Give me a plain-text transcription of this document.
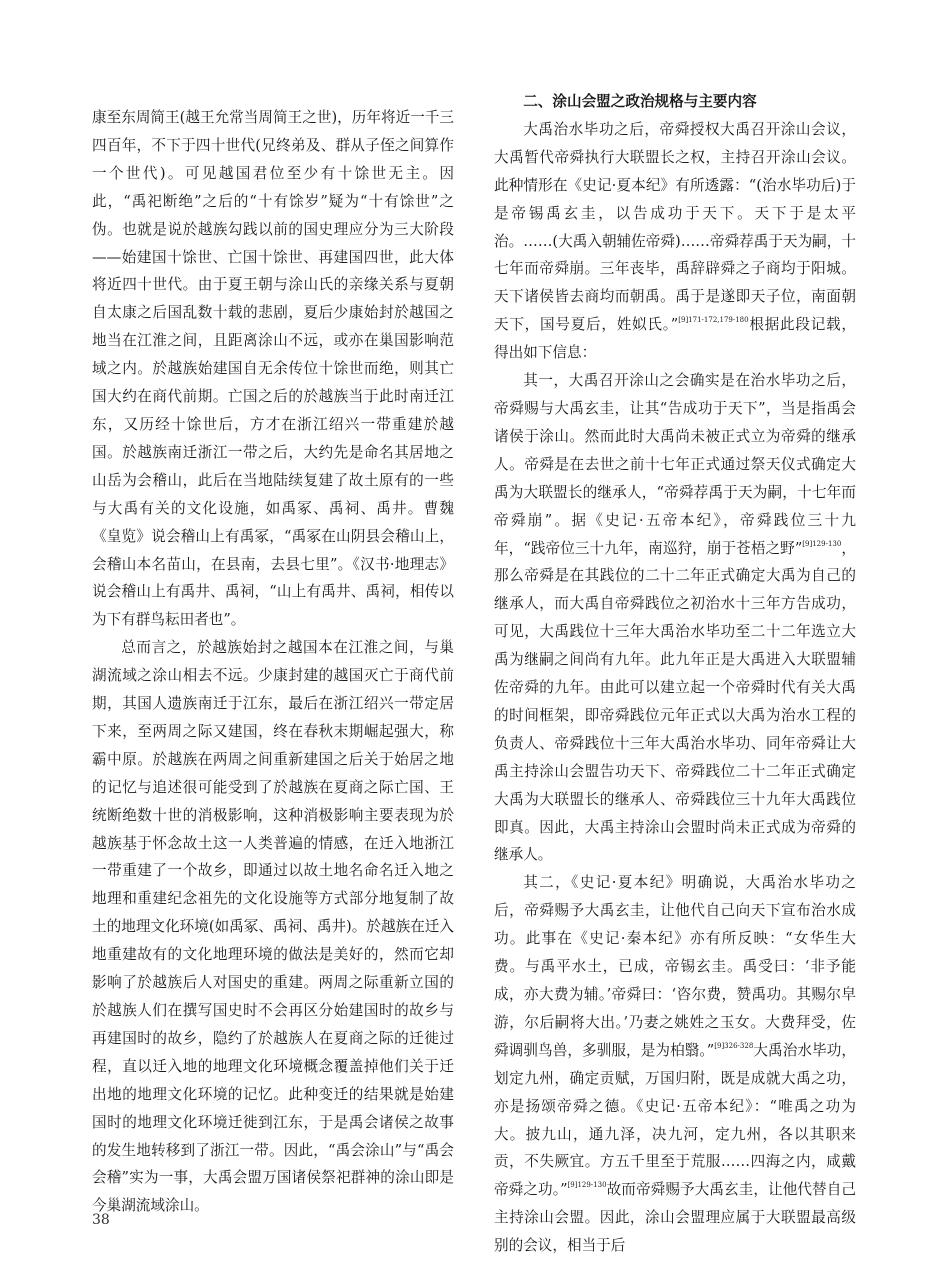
康至东周简王(越王允常当周简王之世)，历年将近一千三四百年，不下于四十世代(兄终弟及、群从子侄之间算作一个世代)。可见越国君位至少有十馀世无主。因此，“禹祀断绝”之后的“十有馀岁”疑为“十有馀世”之伪。也就是说於越族勾践以前的国史理应分为三大阶段——始建国十馀世、亡国十馀世、再建国四世，此大体将近四十世代。由于夏王朝与涂山氏的亲缘关系与夏朝自太康之后国乱数十载的悲剧，夏后少康始封於越国之地当在江淮之间，且距离涂山不远，或亦在巢国影响范域之内。於越族始建国自无余传位十馀世而绝，则其亡国大约在商代前期。亡国之后的於越族当于此时南迁江东，又历经十馀世后，方才在浙江绍兴一带重建於越国。於越族南迁浙江一带之后，大约先是命名其居地之山岳为会稽山，此后在当地陆续复建了故土原有的一些与大禹有关的文化设施，如禹冢、禹祠、禹井。曹魏《皇览》说会稽山上有禹冢，“禹冢在山阴县会稽山上，会稽山本名苗山，在县南，去县七里”。《汉书·地理志》说会稽山上有禹井、禹祠，“山上有禹井、禹祠，相传以为下有群鸟耘田者也”。

总而言之，於越族始封之越国本在江淮之间，与巢湖流域之涂山相去不远。少康封建的越国灭亡于商代前期，其国人遗族南迁于江东，最后在浙江绍兴一带定居下来，至两周之际又建国，终在春秋末期崛起强大，称霸中原。於越族在两周之间重新建国之后关于始居之地的记忆与追述很可能受到了於越族在夏商之际亡国、王统断绝数十世的消极影响，这种消极影响主要表现为於越族基于怀念故土这一人类普遍的情感，在迁入地浙江一带重建了一个故乡，即通过以故土地名命名迁入地之地理和重建纪念祖先的文化设施等方式部分地复制了故土的地理文化环境(如禹冢、禹祠、禹井)。於越族在迁入地重建故有的文化地理环境的做法是美好的，然而它却影响了於越族后人对国史的重建。两周之际重新立国的於越族人们在撰写国史时不会再区分始建国时的故乡与再建国时的故乡，隐约了於越族人在夏商之际的迁徙过程，直以迁入地的地理文化环境概念覆盖掉他们关于迁出地的地理文化环境的记忆。此种变迁的结果就是始建国时的地理文化环境迁徙到江东，于是禹会诸侯之故事的发生地转移到了浙江一带。因此，“禹会涂山”与“禹会会稽”实为一事，大禹会盟万国诸侯祭祀群神的涂山即是今巢湖流域涂山。

二、涂山会盟之政治规格与主要内容

大禹治水毕功之后，帝舜授权大禹召开涂山会议，大禹暂代帝舜执行大联盟长之权，主持召开涂山会议。此种情形在《史记·夏本纪》有所透露：“(治水毕功后)于是帝锡禹玄圭，以告成功于天下。天下于是太平治。……(大禹入朝辅佐帝舜)……帝舜荐禹于天为嗣，十七年而帝舜崩。三年丧毕，禹辞辟舜之子商均于阳城。天下诸侯皆去商均而朝禹。禹于是遂即天子位，南面朝天下，国号夏后，姓姒氏。”$^{[9]171-172,179-180}$根据此段记载，得出如下信息：

其一，大禹召开涂山之会确实是在治水毕功之后，帝舜赐与大禹玄圭，让其“告成功于天下”，当是指禹会诸侯于涂山。然而此时大禹尚未被正式立为帝舜的继承人。帝舜是在去世之前十七年正式通过祭天仪式确定大禹为大联盟长的继承人，“帝舜荐禹于天为嗣，十七年而帝舜崩”。据《史记·五帝本纪》，帝舜践位三十九年，“践帝位三十九年，南巡狩，崩于苍梧之野”$^{[9]129-130}$，那么帝舜是在其践位的二十二年正式确定大禹为自己的继承人，而大禹自帝舜践位之初治水十三年方告成功，可见，大禹践位十三年大禹治水毕功至二十二年选立大禹为继嗣之间尚有九年。此九年正是大禹进入大联盟辅佐帝舜的九年。由此可以建立起一个帝舜时代有关大禹的时间框架，即帝舜践位元年正式以大禹为治水工程的负责人、帝舜践位十三年大禹治水毕功、同年帝舜让大禹主持涂山会盟告功天下、帝舜践位二十二年正式确定大禹为大联盟长的继承人、帝舜践位三十九年大禹践位即真。因此，大禹主持涂山会盟时尚未正式成为帝舜的继承人。

其二，《史记·夏本纪》明确说，大禹治水毕功之后，帝舜赐予大禹玄圭，让他代自己向天下宣布治水成功。此事在《史记·秦本纪》亦有所反映：“女华生大费。与禹平水土，已成，帝锡玄圭。禹受曰：‘非予能成，亦大费为辅。’帝舜曰：‘咨尔费，赞禹功。其赐尔皁游，尔后嗣将大出。’乃妻之姚姓之玉女。大费拜受，佐舜调驯鸟兽，多驯服，是为柏翳。”$^{[9]326-328}$大禹治水毕功，划定九州，确定贡赋，万国归附，既是成就大禹之功，亦是扬颂帝舜之德。《史记·五帝本纪》：“唯禹之功为大。披九山，通九泽，决九河，定九州，各以其职来贡，不失厥宜。方五千里至于荒服……四海之内，咸戴帝舜之功。”$^{[9]129-130}$故而帝舜赐予大禹玄圭，让他代替自己主持涂山会盟。因此，涂山会盟理应属于大联盟最高级别的会议，相当于后

38
